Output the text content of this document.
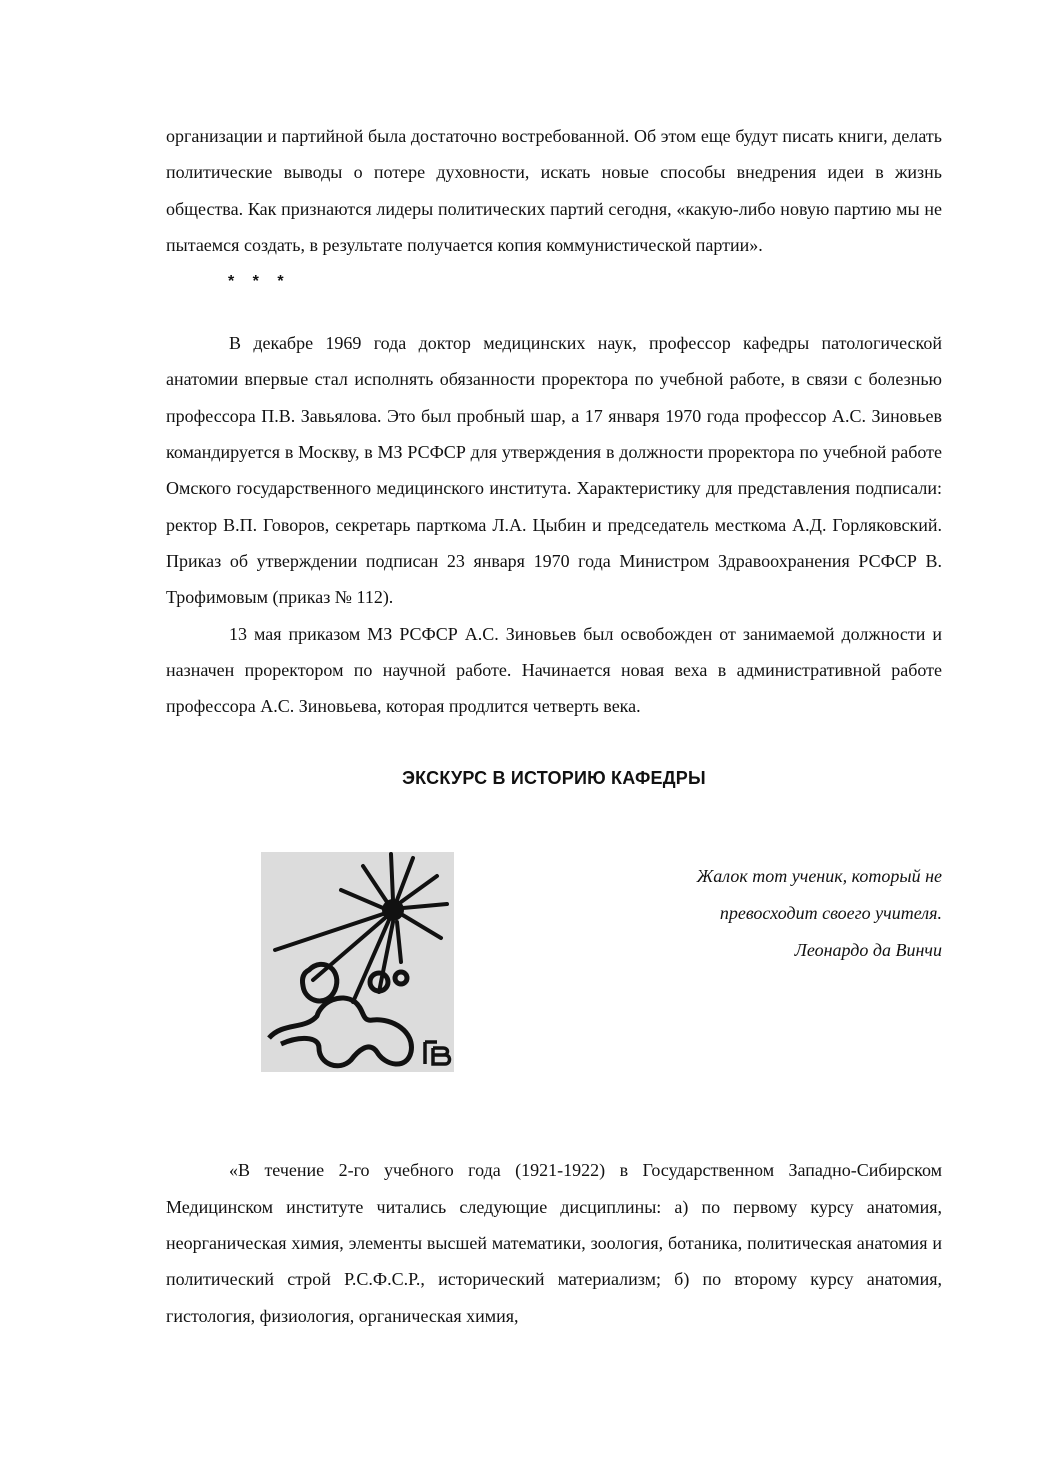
организации и партийной была достаточно востребованной. Об этом еще будут писать книги, делать политические выводы о потере духовности, искать новые способы внедрения идеи в жизнь общества. Как признаются лидеры политических партий сегодня, «какую-либо новую партию мы не пытаемся создать, в результате получается копия коммунистической партии».

* * *

В декабре 1969 года доктор медицинских наук, профессор кафедры патологической анатомии впервые стал исполнять обязанности проректора по учебной работе, в связи с болезнью профессора П.В. Завьялова. Это был пробный шар, а 17 января 1970 года профессор А.С. Зиновьев командируется в Москву, в МЗ РСФСР для утверждения в должности проректора по учебной работе Омского государственного медицинского института. Характеристику для представления подписали: ректор В.П. Говоров, секретарь парткома Л.А. Цыбин и председатель месткома А.Д. Горляковский. Приказ об утверждении подписан 23 января 1970 года Министром Здравоохранения РСФСР В. Трофимовым (приказ № 112).

13 мая приказом МЗ РСФСР А.С. Зиновьев был освобожден от занимаемой должности и назначен проректором по научной работе. Начинается новая веха в административной работе профессора А.С. Зиновьева, которая продлится четверть века.

ЭКСКУРС В ИСТОРИЮ КАФЕДРЫ
Жалок тот ученик, который не
превосходит своего учителя.
Леонардо да Винчи

«В течение 2-го учебного года (1921-1922) в Государственном Западно-Сибирском Медицинском институте читались следующие дисциплины: а) по первому курсу анатомия, неорганическая химия, элементы высшей математики, зоология, ботаника, политическая анатомия и политический строй Р.С.Ф.С.Р., исторический материализм; б) по второму курсу анатомия, гистология, физиология, органическая химия,
